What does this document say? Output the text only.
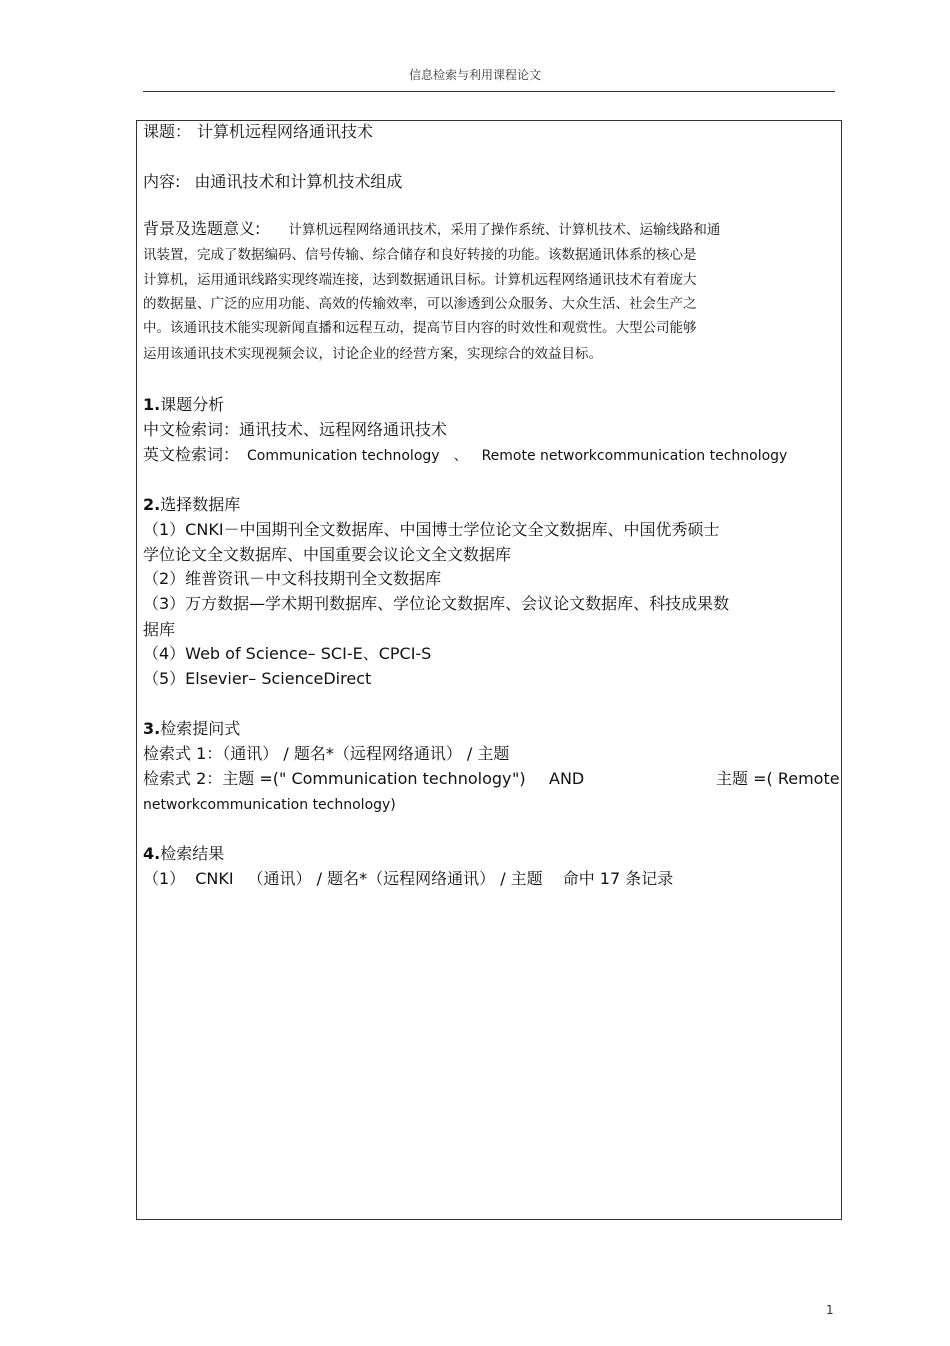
信息检索与利用课程论文
课题： 计算机远程网络通讯技术
内容: 由通讯技术和计算机技术组成
背景及选题意义: 计算机远程网络通讯技术，采用了操作系统、计算机技术、运输线路和通
讯装置，完成了数据编码、信号传输、综合储存和良好转接的功能。该数据通讯体系的核心是
计算机，运用通讯线路实现终端连接，达到数据通讯目标。计算机远程网络通讯技术有着庞大
的数据量、广泛的应用功能、高效的传输效率，可以渗透到公众服务、大众生活、社会生产之
中。该通讯技术能实现新闻直播和远程互动，提高节目内容的时效性和观赏性。大型公司能够
运用该通讯技术实现视频会议，讨论企业的经营方案，实现综合的效益目标。
1.课题分析
中文检索词：通讯技术、远程网络通讯技术
英文检索词： Communication technology 、 Remote networkcommunication technology
2.选择数据库
（1）CNKI－中国期刊全文数据库、中国博士学位论文全文数据库、中国优秀硕士
学位论文全文数据库、中国重要会议论文全文数据库
（2）维普资讯－中文科技期刊全文数据库
（3）万方数据—学术期刊数据库、学位论文数据库、会议论文数据库、科技成果数
据库
（4）Web of Science– SCI-E、CPCI-S
（5）Elsevier– ScienceDirect
3.检索提问式
检索式 1：（通讯） / 题名*（远程网络通讯） / 主题
检索式 2：主题 =(" Communication technology ") AND	主题 =( Remote
networkcommunication technology)
4.检索结果
（1） CNKI （通讯） / 题名*（远程网络通讯） / 主题 命中 17 条记录
1
